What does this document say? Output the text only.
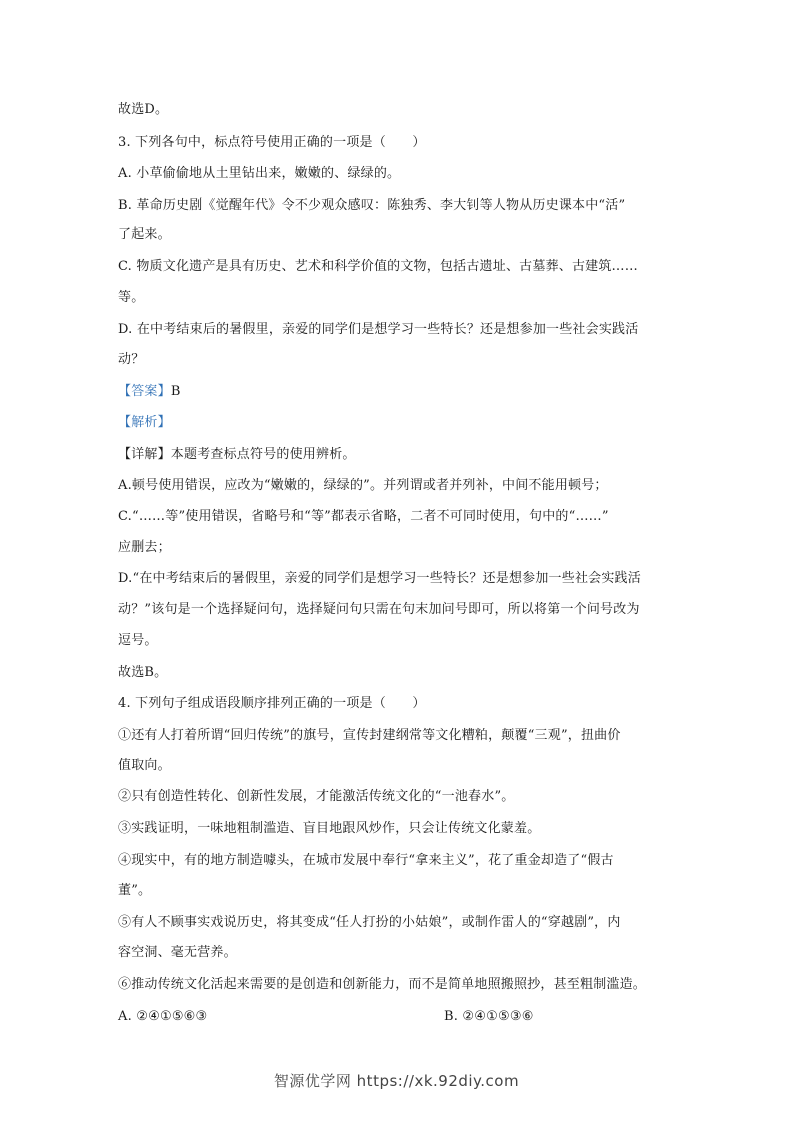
故选D。
3. 下列各句中，标点符号使用正确的一项是（　　）
A. 小草偷偷地从土里钻出来，嫩嫩的、绿绿的。
B. 革命历史剧《觉醒年代》令不少观众感叹：陈独秀、李大钊等人物从历史课本中“活”
了起来。
C. 物质文化遗产是具有历史、艺术和科学价值的文物，包括古遗址、古墓葬、古建筑……
等。
D. 在中考结束后的暑假里，亲爱的同学们是想学习一些特长？还是想参加一些社会实践活
动？
【答案】B
【解析】
【详解】本题考查标点符号的使用辨析。
A.顿号使用错误，应改为“嫩嫩的，绿绿的”。并列谓或者并列补，中间不能用顿号；
C.“……等”使用错误，省略号和“等”都表示省略，二者不可同时使用，句中的“……”
应删去；
D.“在中考结束后的暑假里，亲爱的同学们是想学习一些特长？还是想参加一些社会实践活
动？”该句是一个选择疑问句，选择疑问句只需在句末加问号即可，所以将第一个问号改为
逗号。
故选B。
4. 下列句子组成语段顺序排列正确的一项是（　　）
①还有人打着所谓“回归传统”的旗号，宣传封建纲常等文化糟粕，颠覆“三观”，扭曲价
值取向。
②只有创造性转化、创新性发展，才能激活传统文化的“一池春水”。
③实践证明，一味地粗制滥造、盲目地跟风炒作，只会让传统文化蒙羞。
④现实中，有的地方制造噱头，在城市发展中奉行“拿来主义”，花了重金却造了“假古
董”。
⑤有人不顾事实戏说历史，将其变成“任人打扮的小姑娘”，或制作雷人的“穿越剧”，内
容空洞、毫无营养。
⑥推动传统文化活起来需要的是创造和创新能力，而不是简单地照搬照抄，甚至粗制滥造。
A. ②④①⑤⑥③	B. ②④①⑤③⑥
智源优学网 https://xk.92diy.com
